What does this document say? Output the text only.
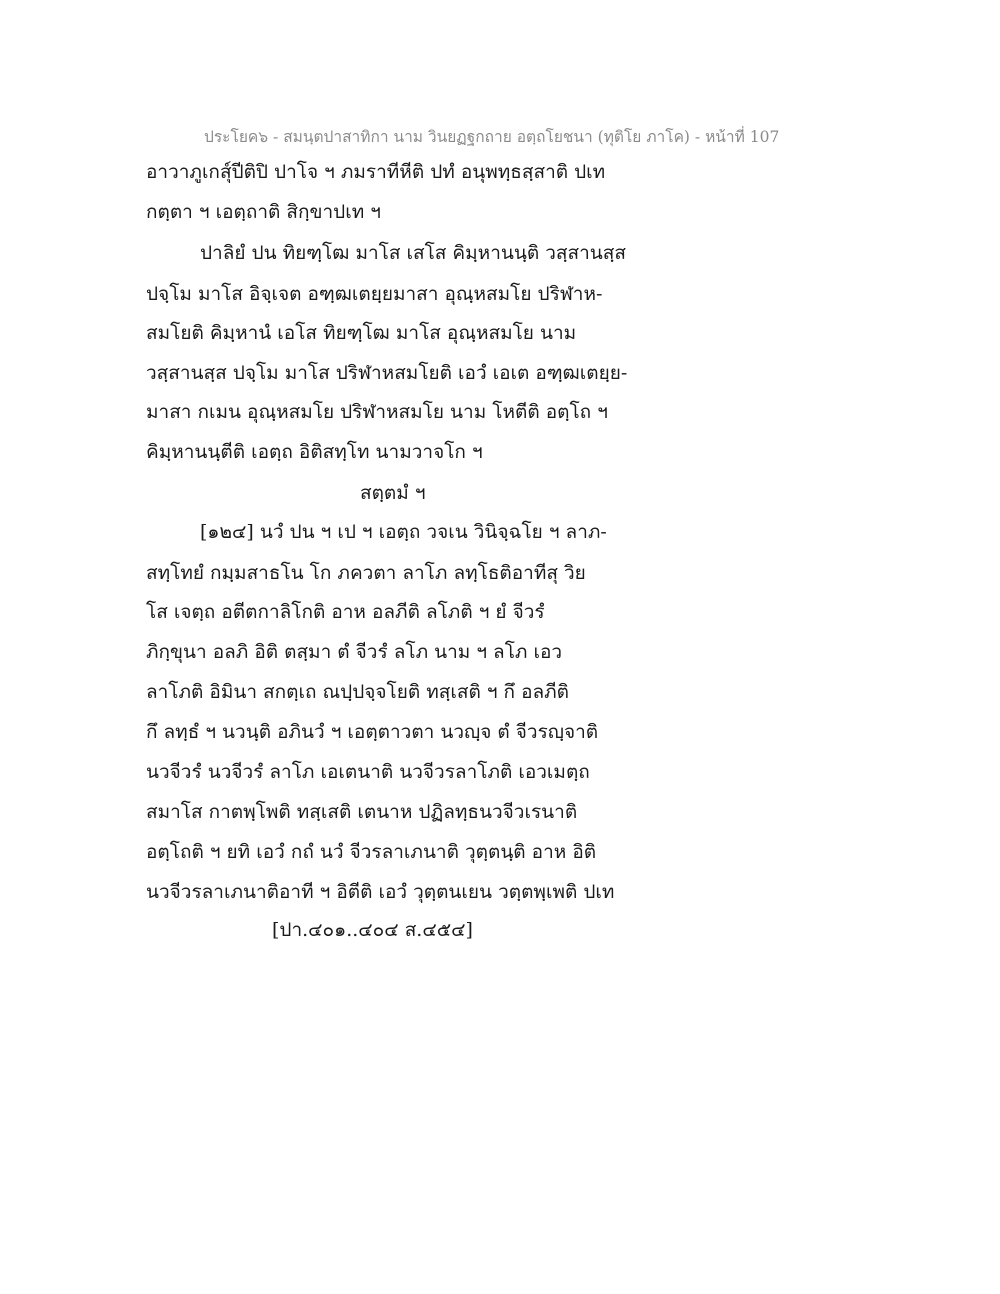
ประโยค๖ - สมนฺตปาสาทิกา นาม วินยฏฐกถาย อตฺถโยชนา (ทุติโย ภาโค) - หน้าที่ 107
อาวาภูเกสุ์ปีติปิ ปาโจ ฯ ภมราทีหีติ ปทํ อนุพทฺธสฺสาติ ปเท
กตฺตา ฯ เอตฺถาติ สิกฺขาปเท ฯ
ปาลิยํ ปน ทิยฑฺโฒ มาโส เสโส คิมฺหานนฺติ วสฺสานสฺส
ปจฺโม มาโส อิจฺเจต อฑฺฒเตยฺยมาสา อุณฺหสมโย ปริฬาห-
สมโยติ คิมฺหานํ เอโส ทิยฑฺโฒ มาโส อุณฺหสมโย นาม
วสฺสานสฺส ปจฺโม มาโส ปริฬาหสมโยติ เอวํ เอเต อฑฺฒเตยฺย-
มาสา กเมน อุณฺหสมโย ปริฬาหสมโย นาม โหตีติ อตฺโถ ฯ
คิมฺหานนฺตีติ เอตฺถ อิติสทฺโท นามวาจโก ฯ
สตฺตมํ ฯ
[๑๒๔] นวํ ปน ฯ เป ฯ เอตฺถ วจเน วินิจฺฉโย ฯ ลาภ-
สทฺโทยํ กมฺมสาธโน โก ภควตา ลาโภ ลทฺโธติอาทีสุ วิย
โส เจตฺถ อตีตกาลิโกติ อาห อลภีติ ลโภติ ฯ ยํ จีวรํ
ภิกฺขุนา อลภิ อิติ ตสฺมา ตํ จีวรํ ลโภ นาม ฯ ลโภ เอว
ลาโภติ อิมินา สกตฺเถ ณปฺปจฺจโยติ ทสฺเสติ ฯ กึ อลภีติ
กึ ลทฺธํ ฯ นวนฺติ อภินวํ ฯ เอตฺตาวตา นวญฺจ ตํ จีวรญฺจาติ
นวจีวรํ นวจีวรํ ลาโภ เอเตนาติ นวจีวรลาโภติ เอวเมตฺถ
สมาโส กาตพฺโพติ ทสฺเสติ เตนาห ปฏิลทฺธนวจีวเรนาติ
อตฺโถติ ฯ ยทิ เอวํ กถํ นวํ จีวรลาเภนาติ วุตฺตนฺติ อาห อิติ
นวจีวรลาเภนาติอาที ฯ อิตีติ เอวํ วุตฺตนเยน วตฺตพฺเพติ ปเท
[ปา.๔๐๑..๔๐๔ ส.๔๕๔]
